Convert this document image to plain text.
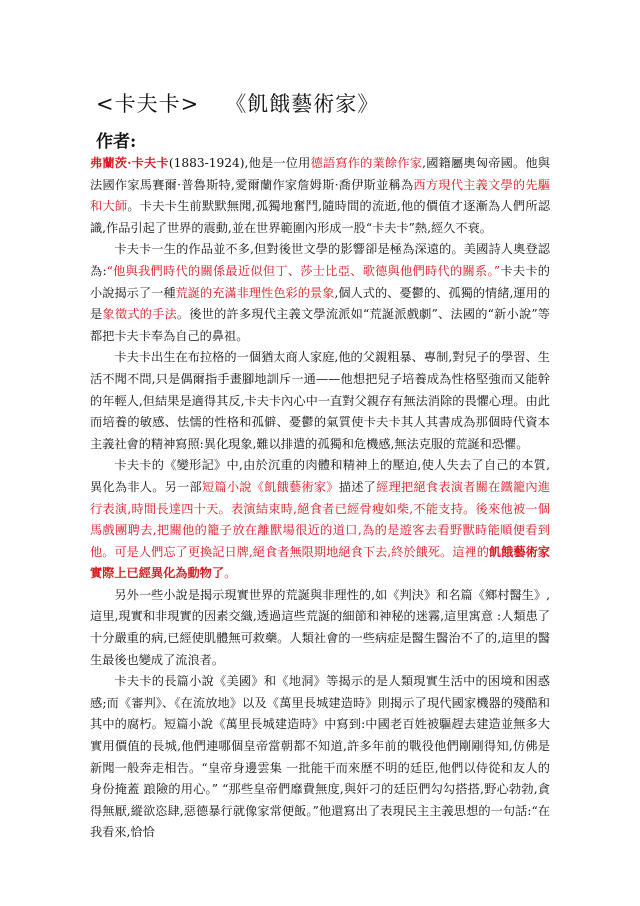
<卡夫卡> 《飢餓藝術家》
作者:

弗蘭茨·卡夫卡(1883-1924),他是一位用德語寫作的業餘作家,國籍屬奧匈帝國。他與法國作家馬賽爾·普魯斯特,愛爾蘭作家詹姆斯·喬伊斯並稱為西方現代主義文學的先驅和大師。卡夫卡生前默默無聞,孤獨地奮鬥,隨時間的流逝,他的價值才逐漸為人們所認識,作品引起了世界的震動,並在世界範圍內形成一股“卡夫卡”熱,經久不衰。

卡夫卡一生的作品並不多,但對後世文學的影響卻是極為深遠的。美國詩人奧登認為:“他與我們時代的關係最近似但丁、莎士比亞、歌德與他們時代的關系。”卡夫卡的小說揭示了一種荒誕的充滿非理性色彩的景象,個人式的、憂鬱的、孤獨的情緒,運用的是象徵式的手法。後世的許多現代主義文學流派如“荒誕派戲劇”、法國的“新小說”等都把卡夫卡奉為自己的鼻祖。

卡夫卡出生在布拉格的一個猶太商人家庭,他的父親粗暴、專制,對兒子的學習、生活不聞不問,只是偶爾指手畫腳地訓斥一通——他想把兒子培養成為性格堅強而又能幹的年輕人,但結果是適得其反,卡夫卡內心中一直對父親存有無法消除的畏懼心理。由此而培養的敏感、怯懦的性格和孤僻、憂鬱的氣質使卡夫卡其人其書成為那個時代資本主義社會的精神寫照:異化現象,難以排遣的孤獨和危機感,無法克服的荒誕和恐懼。

卡夫卡的《變形記》中,由於沉重的肉體和精神上的壓迫,使人失去了自己的本質,異化為非人。另一部短篇小說《飢餓藝術家》描述了經理把絕食表演者關在鐵籠內進行表演,時間長達四十天。表演結束時,絕食者已經骨瘦如柴,不能支持。後來他被一個馬戲團聘去,把關他的籠子放在離獸場很近的道口,為的是遊客去看野獸時能順便看到他。可是人們忘了更換記日牌,絕食者無限期地絕食下去,終於餓死。這裡的飢餓藝術家實際上已經異化為動物了。

另外一些小說是揭示現實世界的荒誕與非理性的,如《判決》和名篇《鄉村醫生》,這里,現實和非現實的因素交織,透過這些荒誕的細節和神秘的迷霧,這里寓意 :人類患了十分嚴重的病,已經使肌體無可救藥。人類社會的一些病症是醫生醫治不了的,這里的醫生最後也變成了流浪者。

卡夫卡的長篇小說《美國》和《地洞》等揭示的是人類現實生活中的困境和困惑感;而《審判》、《在流放地》以及《萬里長城建造時》則揭示了現代國家機器的殘酷和其中的腐朽。短篇小說《萬里長城建造時》中寫到:中國老百姓被驅趕去建造並無多大實用價值的長城,他們連哪個皇帝當朝都不知道,許多年前的戰役他們剛剛得知,仿佛是新聞一般奔走相告。“皇帝身邊雲集 一批能干而來歷不明的廷臣,他們以侍從和友人的身份掩蓋 踉險的用心。” “那些皇帝們靡費無度,與奸刁的廷臣們勾勾搭搭,野心勃勃,貪得無厭,縱欲恣肆,惡德暴行就像家常便飯。”他還寫出了表現民主主義思想的一句話:“在我看來,恰恰
